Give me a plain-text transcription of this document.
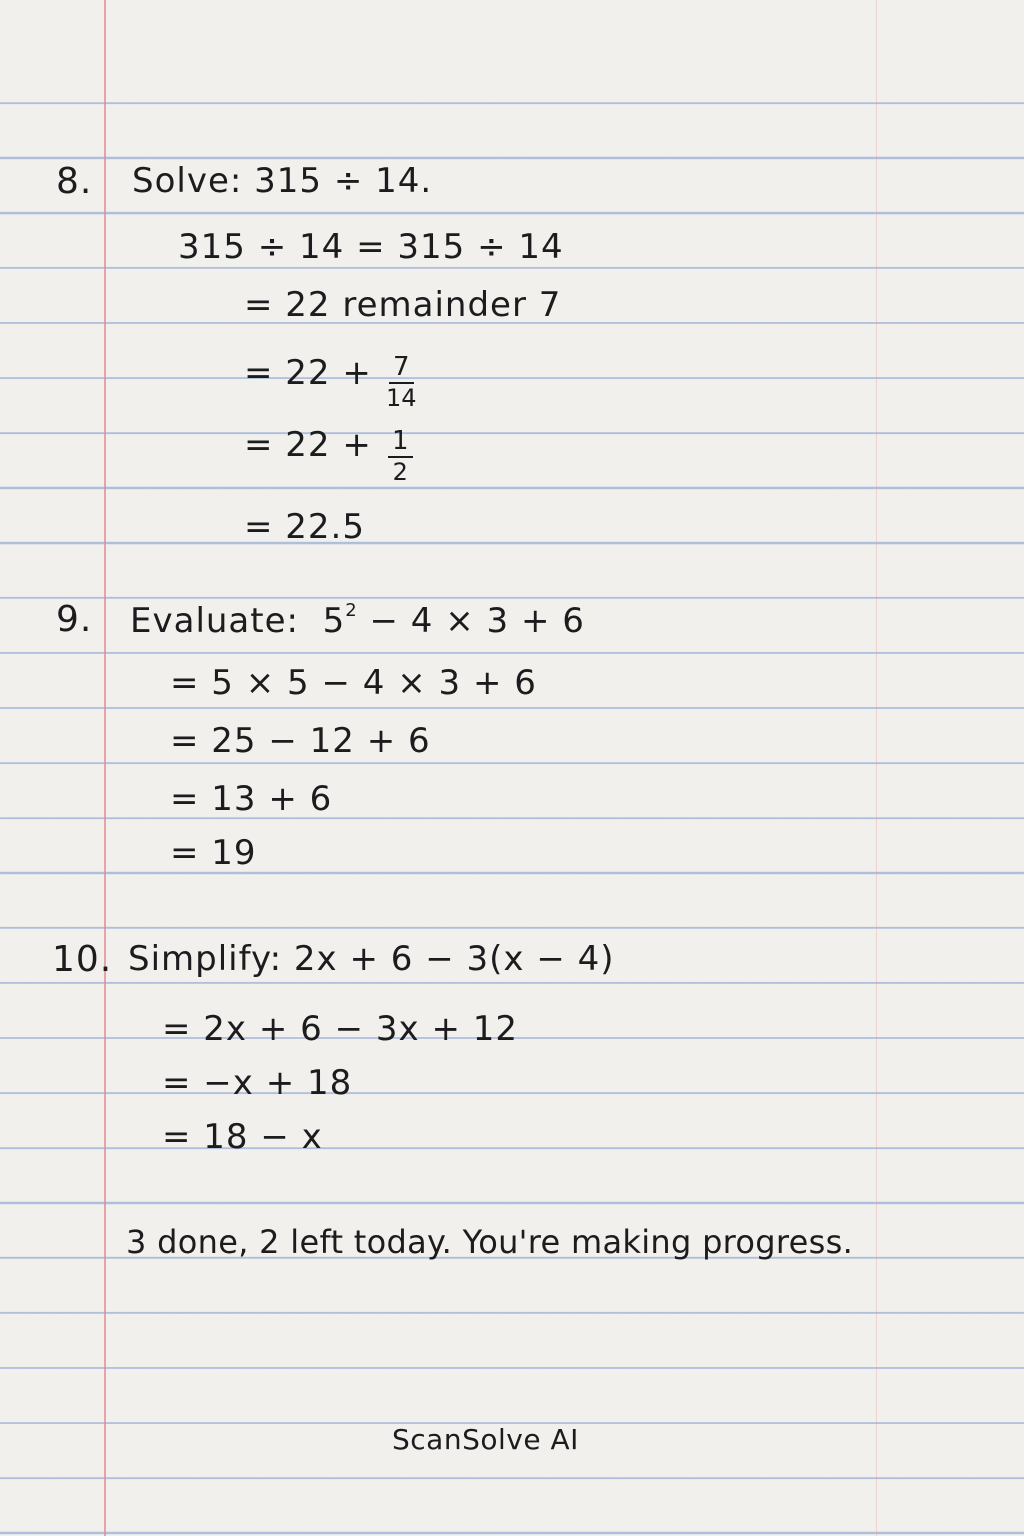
8. Solve: 315 ÷ 14.
315 ÷ 14 = 315 ÷ 14
= 22 remainder 7
= $22 + \frac{7}{14}$
= $22 + \frac{1}{2}$
= 22.5
9. Evaluate: $5^2 - 4 \times 3 + 6$
= 5 × 5 − 4 × 3 + 6
= 25 − 12 + 6
= 13 + 6
= 19
10. Simplify: 2x + 6 − 3(x − 4)
= 2x + 6 − 3x + 12
= −x + 18
= 18 − x
3 done, 2 left today. You're making progress.
ScanSolve AI
